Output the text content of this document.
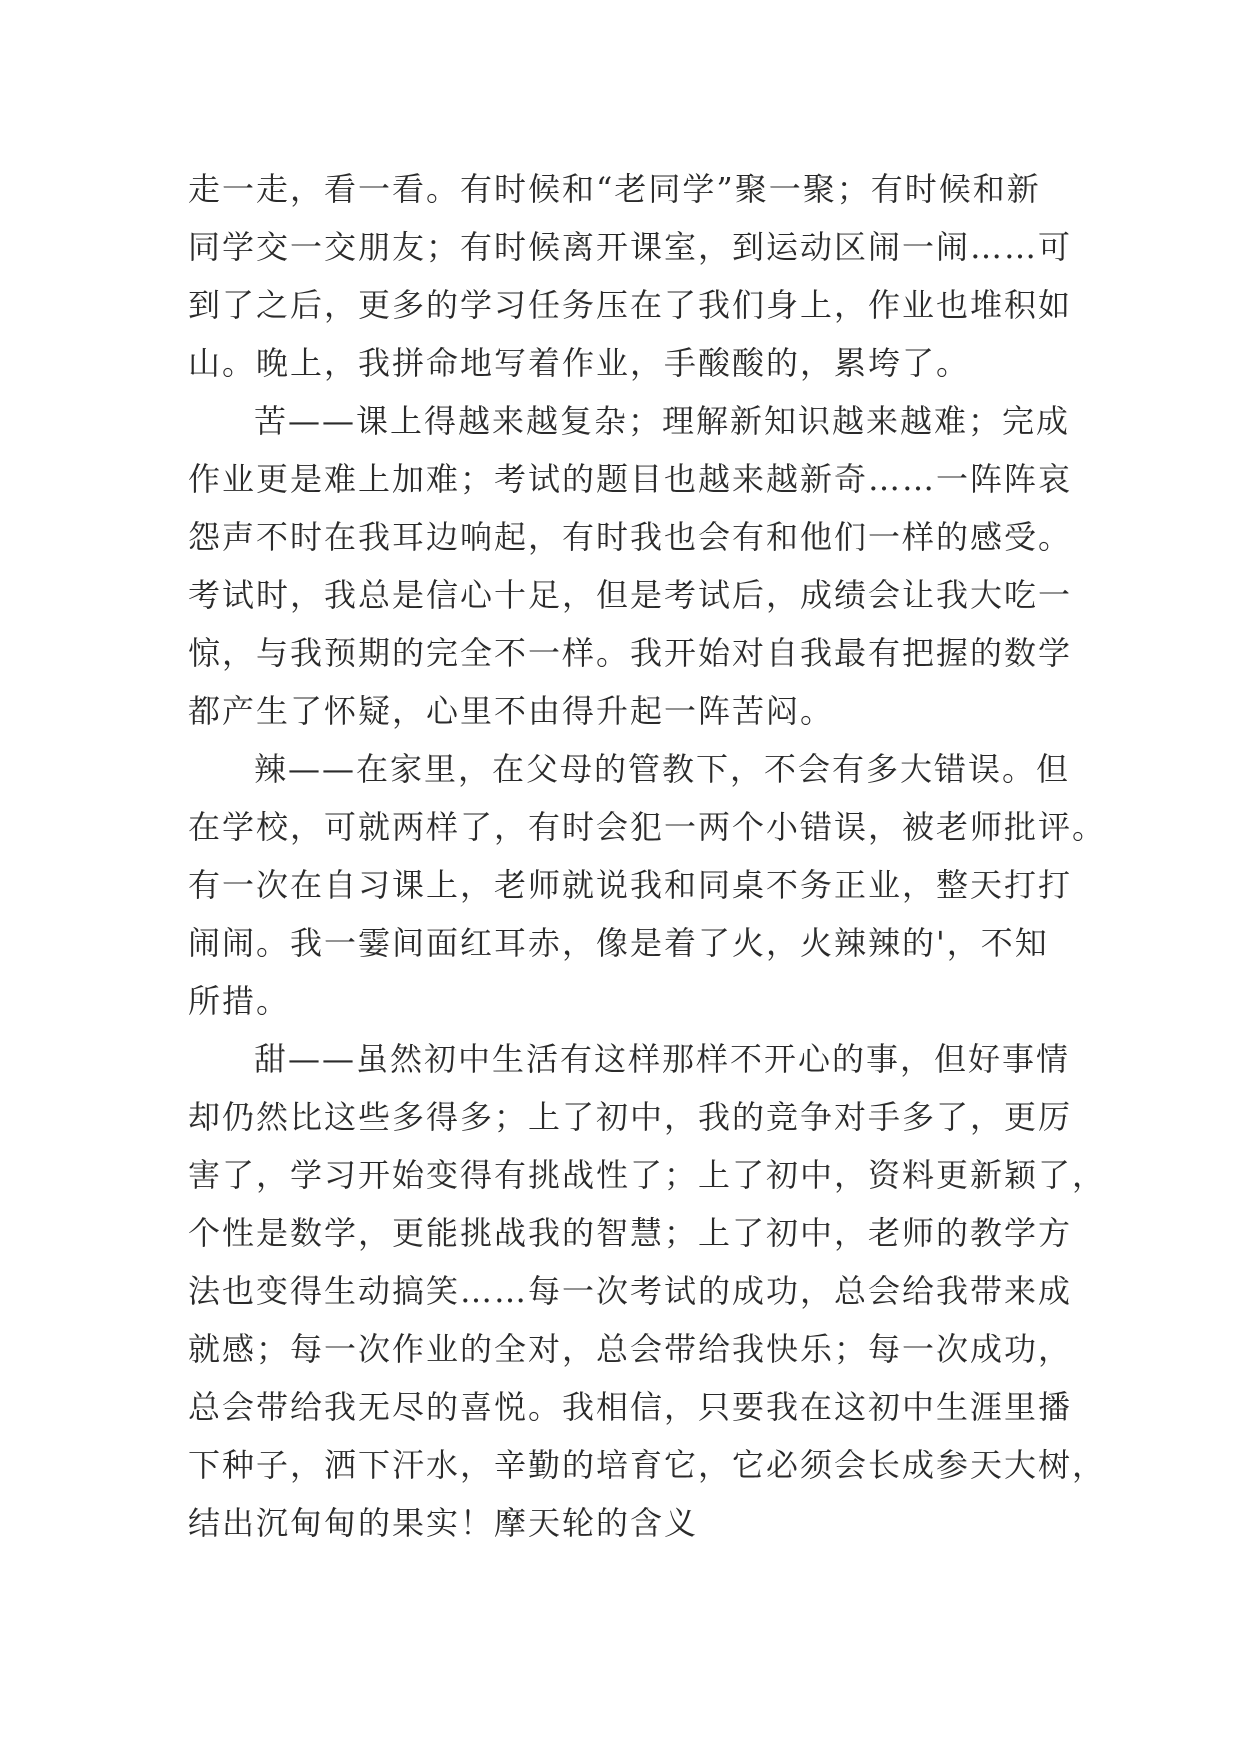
走一走，看一看。有时候和“老同学”聚一聚；有时候和新
同学交一交朋友；有时候离开课室，到运动区闹一闹……可
到了之后，更多的学习任务压在了我们身上，作业也堆积如
山。晚上，我拼命地写着作业，手酸酸的，累垮了。
苦——课上得越来越复杂；理解新知识越来越难；完成
作业更是难上加难；考试的题目也越来越新奇……一阵阵哀
怨声不时在我耳边响起，有时我也会有和他们一样的感受。
考试时，我总是信心十足，但是考试后，成绩会让我大吃一
惊，与我预期的完全不一样。我开始对自我最有把握的数学
都产生了怀疑，心里不由得升起一阵苦闷。
辣——在家里，在父母的管教下，不会有多大错误。但
在学校，可就两样了，有时会犯一两个小错误，被老师批评。
有一次在自习课上，老师就说我和同桌不务正业，整天打打
闹闹。我一霎间面红耳赤，像是着了火，火辣辣的'，不知
所措。
甜——虽然初中生活有这样那样不开心的事，但好事情
却仍然比这些多得多；上了初中，我的竞争对手多了，更厉
害了，学习开始变得有挑战性了；上了初中，资料更新颖了，
个性是数学，更能挑战我的智慧；上了初中，老师的教学方
法也变得生动搞笑……每一次考试的成功，总会给我带来成
就感；每一次作业的全对，总会带给我快乐；每一次成功，
总会带给我无尽的喜悦。我相信，只要我在这初中生涯里播
下种子，洒下汗水，辛勤的培育它，它必须会长成参天大树，
结出沉甸甸的果实！摩天轮的含义
